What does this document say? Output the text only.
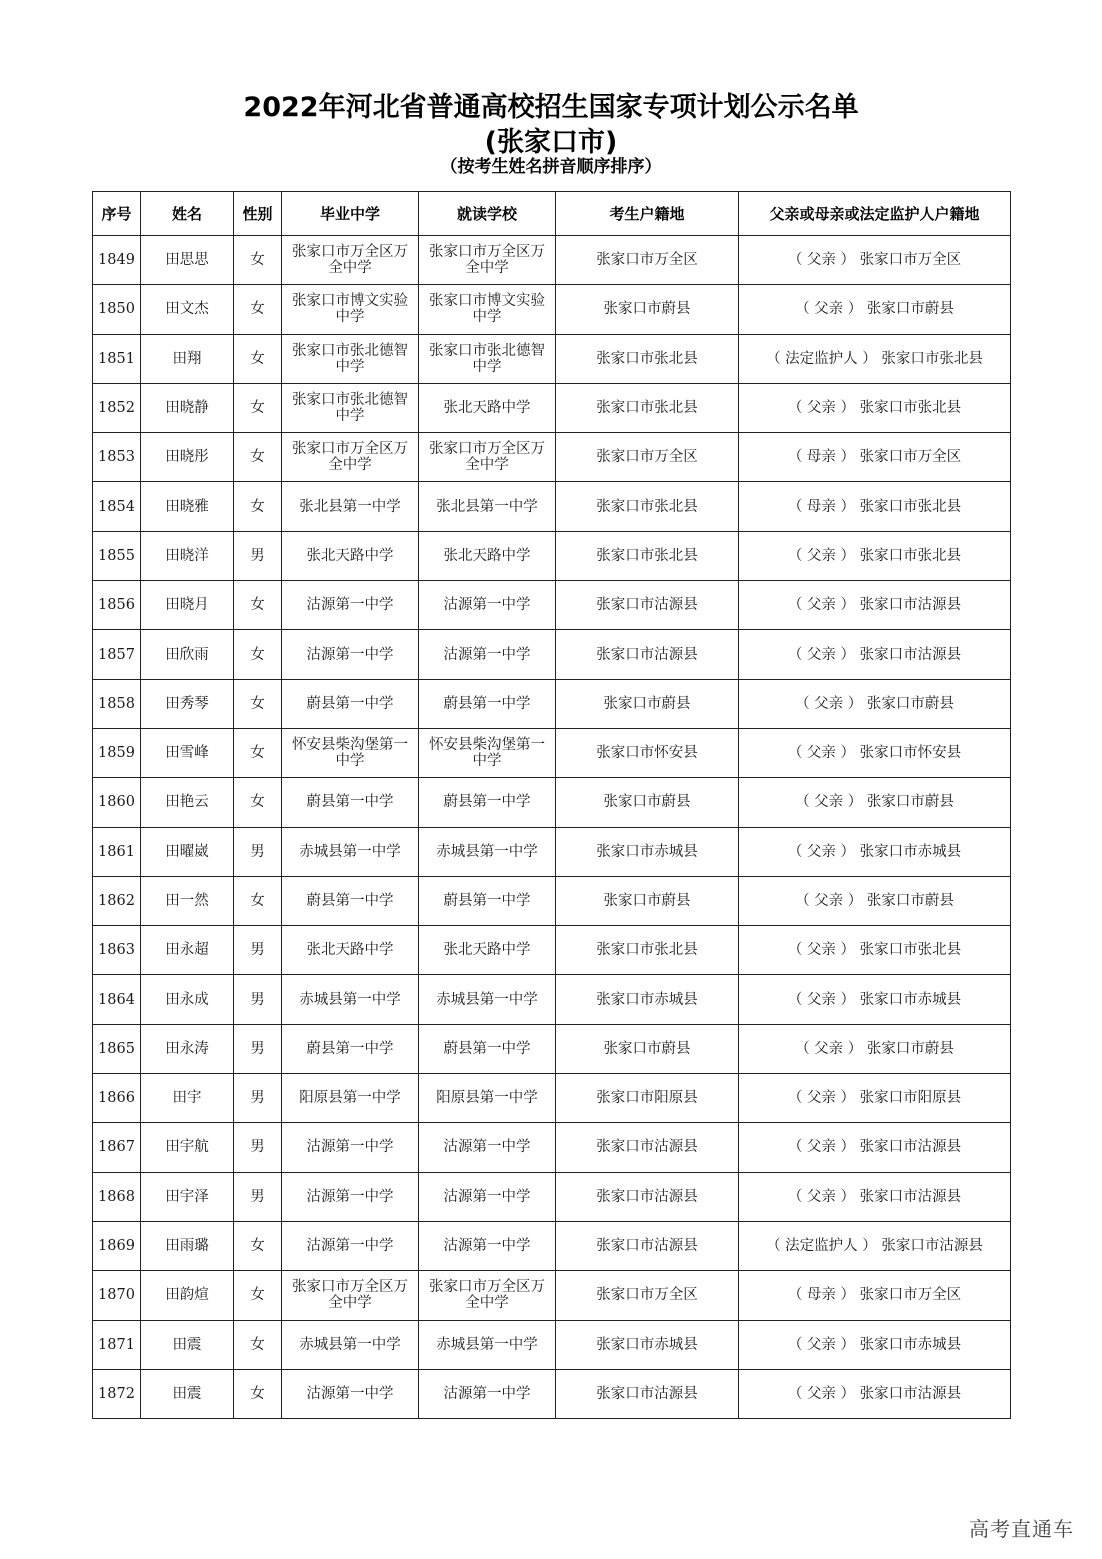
2022年河北省普通高校招生国家专项计划公示名单
(张家口市)
（按考生姓名拼音顺序排序）
序号	姓名	性别	毕业中学	就读学校	考生户籍地	父亲或母亲或法定监护人户籍地
1849	田思思	女	张家口市万全区万全中学	张家口市万全区万全中学	张家口市万全区	（ 父亲 ） 张家口市万全区
1850	田文杰	女	张家口市博文实验中学	张家口市博文实验中学	张家口市蔚县	（ 父亲 ） 张家口市蔚县
1851	田翔	女	张家口市张北德智中学	张家口市张北德智中学	张家口市张北县	（ 法定监护人 ） 张家口市张北县
1852	田晓静	女	张家口市张北德智中学	张北天路中学	张家口市张北县	（ 父亲 ） 张家口市张北县
1853	田晓彤	女	张家口市万全区万全中学	张家口市万全区万全中学	张家口市万全区	（ 母亲 ） 张家口市万全区
1854	田晓雅	女	张北县第一中学	张北县第一中学	张家口市张北县	（ 母亲 ） 张家口市张北县
1855	田晓洋	男	张北天路中学	张北天路中学	张家口市张北县	（ 父亲 ） 张家口市张北县
1856	田晓月	女	沽源第一中学	沽源第一中学	张家口市沽源县	（ 父亲 ） 张家口市沽源县
1857	田欣雨	女	沽源第一中学	沽源第一中学	张家口市沽源县	（ 父亲 ） 张家口市沽源县
1858	田秀琴	女	蔚县第一中学	蔚县第一中学	张家口市蔚县	（ 父亲 ） 张家口市蔚县
1859	田雪峰	女	怀安县柴沟堡第一中学	怀安县柴沟堡第一中学	张家口市怀安县	（ 父亲 ） 张家口市怀安县
1860	田艳云	女	蔚县第一中学	蔚县第一中学	张家口市蔚县	（ 父亲 ） 张家口市蔚县
1861	田曜崴	男	赤城县第一中学	赤城县第一中学	张家口市赤城县	（ 父亲 ） 张家口市赤城县
1862	田一然	女	蔚县第一中学	蔚县第一中学	张家口市蔚县	（ 父亲 ） 张家口市蔚县
1863	田永超	男	张北天路中学	张北天路中学	张家口市张北县	（ 父亲 ） 张家口市张北县
1864	田永成	男	赤城县第一中学	赤城县第一中学	张家口市赤城县	（ 父亲 ） 张家口市赤城县
1865	田永涛	男	蔚县第一中学	蔚县第一中学	张家口市蔚县	（ 父亲 ） 张家口市蔚县
1866	田宇	男	阳原县第一中学	阳原县第一中学	张家口市阳原县	（ 父亲 ） 张家口市阳原县
1867	田宇航	男	沽源第一中学	沽源第一中学	张家口市沽源县	（ 父亲 ） 张家口市沽源县
1868	田宇泽	男	沽源第一中学	沽源第一中学	张家口市沽源县	（ 父亲 ） 张家口市沽源县
1869	田雨璐	女	沽源第一中学	沽源第一中学	张家口市沽源县	（ 法定监护人 ） 张家口市沽源县
1870	田韵煊	女	张家口市万全区万全中学	张家口市万全区万全中学	张家口市万全区	（ 母亲 ） 张家口市万全区
1871	田震	女	赤城县第一中学	赤城县第一中学	张家口市赤城县	（ 父亲 ） 张家口市赤城县
1872	田震	女	沽源第一中学	沽源第一中学	张家口市沽源县	（ 父亲 ） 张家口市沽源县
高考直通车
